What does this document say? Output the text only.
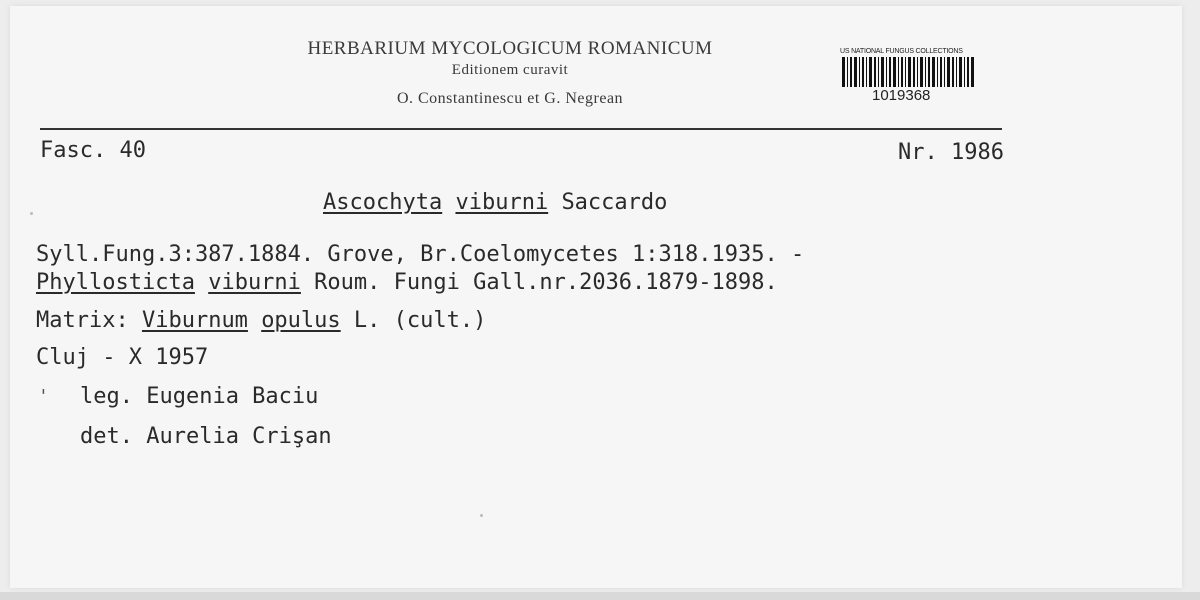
HERBARIUM MYCOLOGICUM ROMANICUM
Editionem curavit
O. Constantinescu et G. Negrean
US NATIONAL FUNGUS COLLECTIONS
1019368
Fasc. 40	Nr. 1986
Ascochyta viburni Saccardo
Syll.Fung.3:387.1884. Grove, Br.Coelomycetes 1:318.1935. -
Phyllosticta viburni Roum. Fungi Gall.nr.2036.1879-1898.
Matrix: Viburnum opulus L. (cult.)
Cluj - X 1957
' leg. Eugenia Baciu
det. Aurelia Crişan
